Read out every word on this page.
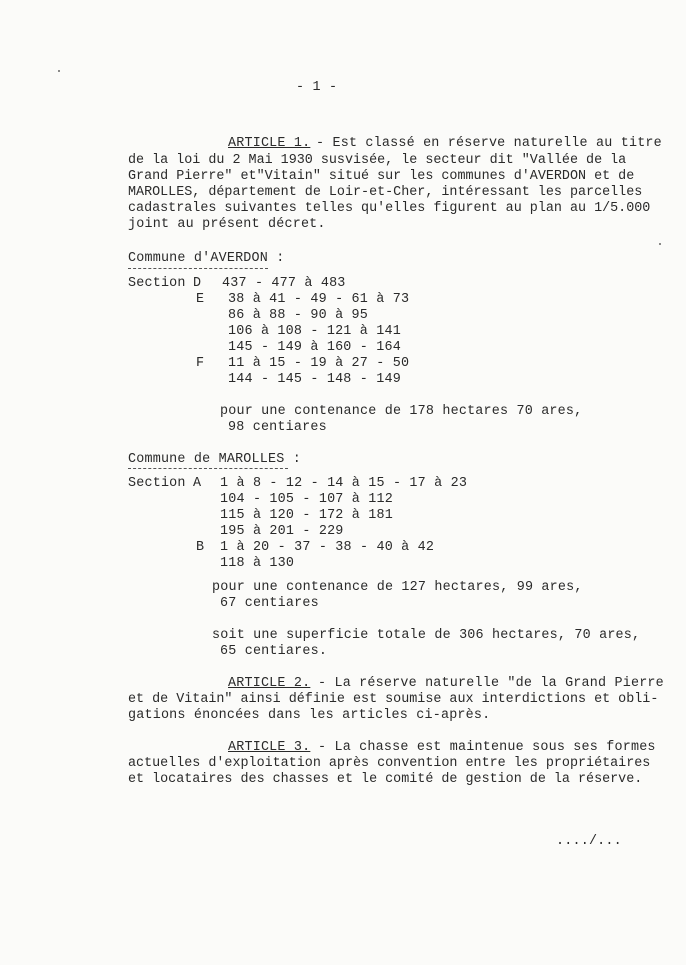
- 1 -
ARTICLE 1. - Est classé en réserve naturelle au titre
de la loi du 2 Mai 1930 susvisée, le secteur dit "Vallée de la
Grand Pierre" et"Vitain" situé sur les communes d'AVERDON et de
MAROLLES, département de Loir-et-Cher, intéressant les parcelles
cadastrales suivantes telles qu'elles figurent au plan au 1/5.000
joint au présent décret.
Commune d'AVERDON :
Section D 437 - 477 à 483
E 38 à 41 - 49 - 61 à 73
86 à 88 - 90 à 95
106 à 108 - 121 à 141
145 - 149 à 160 - 164
F 11 à 15 - 19 à 27 - 50
144 - 145 - 148 - 149
pour une contenance de 178 hectares 70 ares,
98 centiares
Commune de MAROLLES :
Section A 1 à 8 - 12 - 14 à 15 - 17 à 23
104 - 105 - 107 à 112
115 à 120 - 172 à 181
195 à 201 - 229
B 1 à 20 - 37 - 38 - 40 à 42
118 à 130
pour une contenance de 127 hectares, 99 ares,
67 centiares
soit une superficie totale de 306 hectares, 70 ares,
65 centiares.
ARTICLE 2. - La réserve naturelle "de la Grand Pierre
et de Vitain" ainsi définie est soumise aux interdictions et obli-
gations énoncées dans les articles ci-après.
ARTICLE 3. - La chasse est maintenue sous ses formes
actuelles d'exploitation après convention entre les propriétaires
et locataires des chasses et le comité de gestion de la réserve.
..../...
